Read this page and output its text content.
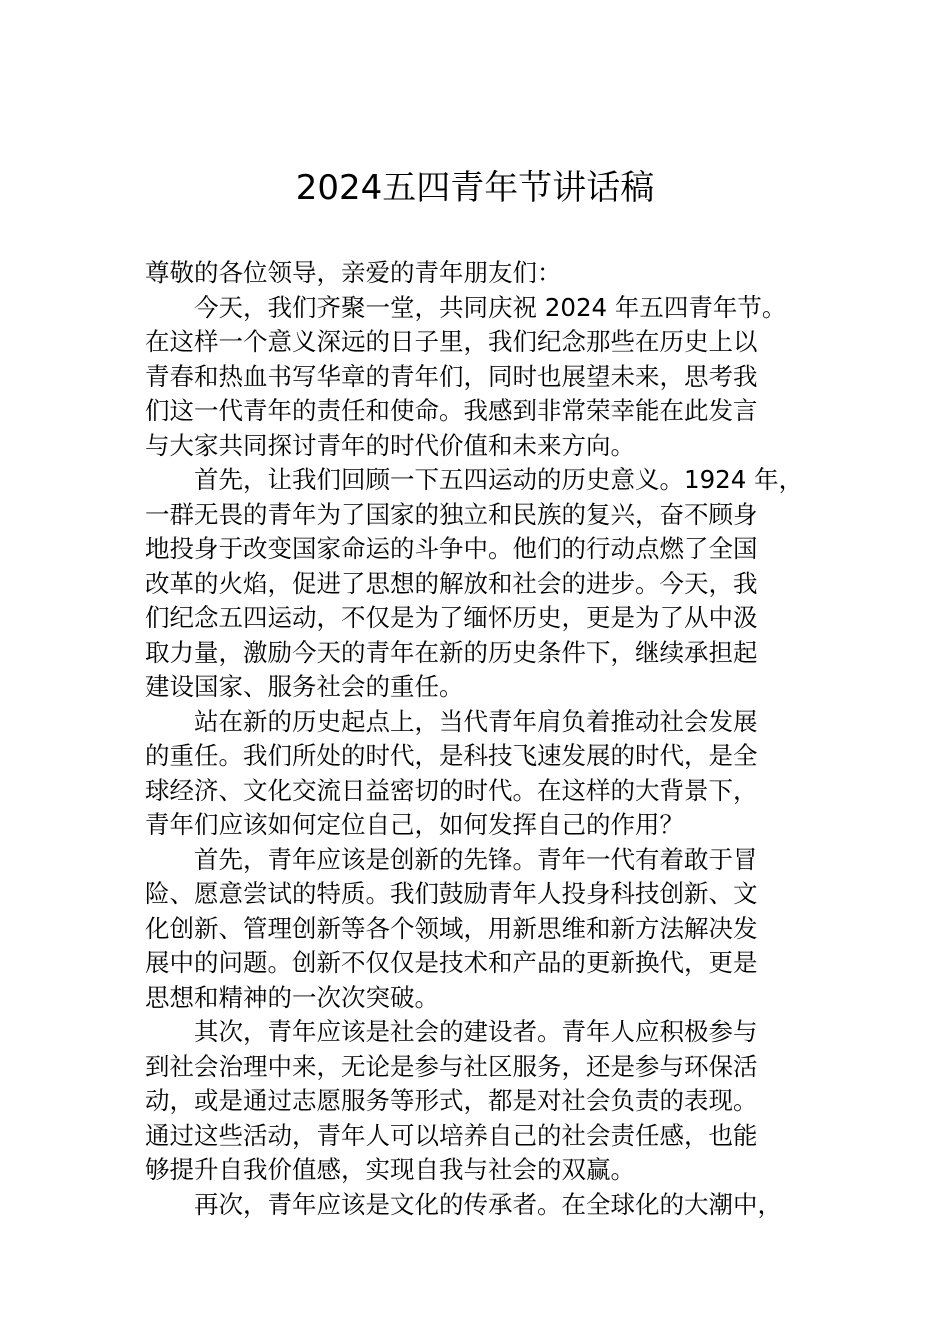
2024五四青年节讲话稿

尊敬的各位领导，亲爱的青年朋友们：

今天，我们齐聚一堂，共同庆祝 2024 年五四青年节。

在这样一个意义深远的日子里，我们纪念那些在历史上以

青春和热血书写华章的青年们，同时也展望未来，思考我

们这一代青年的责任和使命。我感到非常荣幸能在此发言

与大家共同探讨青年的时代价值和未来方向。

首先，让我们回顾一下五四运动的历史意义。1924 年，

一群无畏的青年为了国家的独立和民族的复兴，奋不顾身

地投身于改变国家命运的斗争中。他们的行动点燃了全国

改革的火焰，促进了思想的解放和社会的进步。今天，我

们纪念五四运动，不仅是为了缅怀历史，更是为了从中汲

取力量，激励今天的青年在新的历史条件下，继续承担起

建设国家、服务社会的重任。

站在新的历史起点上，当代青年肩负着推动社会发展

的重任。我们所处的时代，是科技飞速发展的时代，是全

球经济、文化交流日益密切的时代。在这样的大背景下，

青年们应该如何定位自己，如何发挥自己的作用？

首先，青年应该是创新的先锋。青年一代有着敢于冒

险、愿意尝试的特质。我们鼓励青年人投身科技创新、文

化创新、管理创新等各个领域，用新思维和新方法解决发

展中的问题。创新不仅仅是技术和产品的更新换代，更是

思想和精神的一次次突破。

其次，青年应该是社会的建设者。青年人应积极参与

到社会治理中来，无论是参与社区服务，还是参与环保活

动，或是通过志愿服务等形式，都是对社会负责的表现。

通过这些活动，青年人可以培养自己的社会责任感，也能

够提升自我价值感，实现自我与社会的双赢。

再次，青年应该是文化的传承者。在全球化的大潮中，
